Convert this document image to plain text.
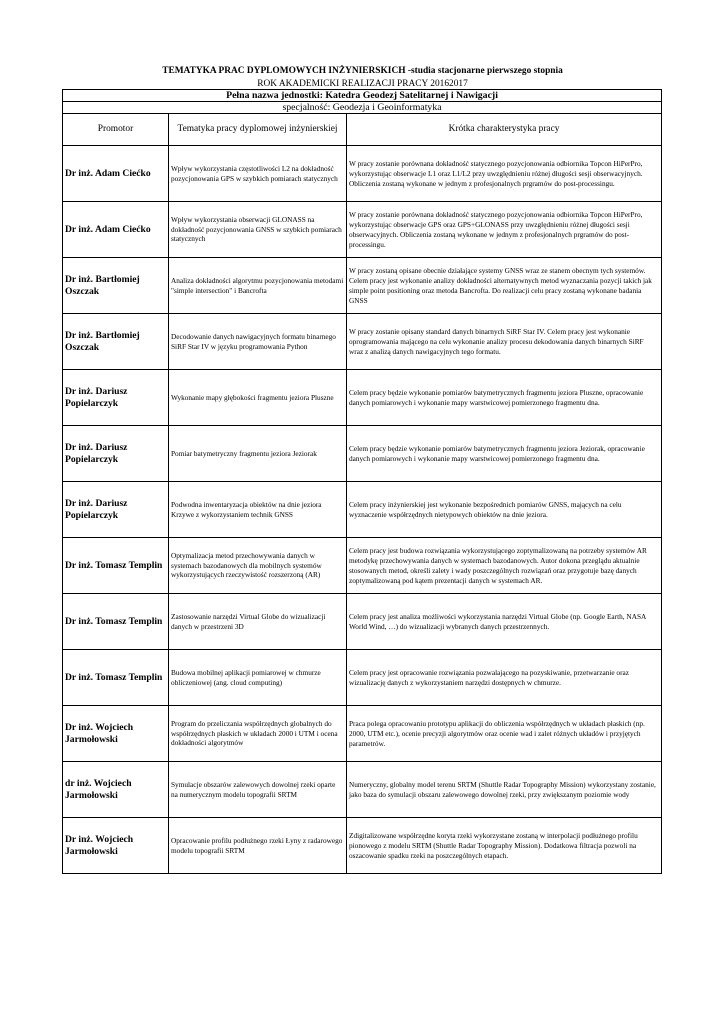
TEMATYKA PRAC DYPLOMOWYCH INŻYNIERSKICH -studia stacjonarne pierwszego stopnia
ROK AKADEMICKI REALIZACJI PRACY 20162017
Pełna nazwa jednostki: Katedra Geodezj Satelitarnej i Nawigacji		
specjalność: Geodezja i Geoinformatyka		
Promotor	Tematyka pracy dyplomowej inżynierskiej	Krótka charakterystyka pracy
Dr inż. Adam Ciećko	Wpływ wykorzystania częstotliwości L2 na dokładność pozycjonowania GPS w szybkich pomiarach statycznych	W pracy zostanie porównana dokładność statycznego pozycjonowania odbiornika Topcon HiPerPro, wykorzystując obserwacje L1 oraz L1/L2 przy uwzględnieniu różnej długości sesji obserwacyjnych. Obliczenia zostaną wykonane w jednym z profesjonalnych prgramów do post-processingu.
Dr inż. Adam Ciećko	Wpływ wykorzystania obserwacji GLONASS na dokładność pozycjonowania GNSS w szybkich pomiarach statycznych	W pracy zostanie porównana dokładność statycznego pozycjonowania odbiornika Topcon HiPerPro, wykorzystując obserwacje GPS oraz GPS+GLONASS przy uwzględnieniu różnej długości sesji obserwacyjnych. Obliczenia zostaną wykonane w jednym z profesjonalnych prgramów do post-processingu.
Dr inż. Bartłomiej Oszczak	Analiza dokładności algorytmu pozycjonowania metodami "simple intersection" i Bancrofta	W pracy zostaną opisane obecnie działające systemy GNSS wraz ze stanem obecnym tych systemów. Celem pracy jest wykonanie analizy dokładności alternatywnych metod wyznaczania pozycji takich jak simple point positioning oraz metoda Bancrofta. Do realizacji celu pracy zostaną wykonane badania GNSS
Dr inż. Bartłomiej Oszczak	Decodowanie danych nawigacyjnych formatu binarnego SiRF Star IV w języku programowania Python	W pracy zostanie opisany standard danych binarnych SiRF Star IV. Celem pracy jest wykonanie oprogramowania mającego na celu wykonanie analizy procesu dekodowania danych binarnych SiRF wraz z analizą danych nawigacyjnych tego formatu.
Dr inż. Dariusz Popielarczyk	Wykonanie mapy głębokości fragmentu jeziora Pluszne	Celem pracy będzie wykonanie pomiarów batymetrycznych fragmentu jeziora Pluszne, opracowanie danych pomiarowych i wykonanie mapy warstwicowej pomierzonego fragmentu dna.
Dr inż. Dariusz Popielarczyk	Pomiar batymetryczny fragmentu jeziora Jeziorak	Celem pracy będzie wykonanie pomiarów batymetrycznych fragmentu jeziora Jeziorak, opracowanie danych pomiarowych i wykonanie mapy warstwicowej pomierzonego fragmentu dna.
Dr inż. Dariusz Popielarczyk	Podwodna inwentaryzacja obiektów na dnie jeziora Krzywe z wykorzystaniem technik GNSS	Celem pracy inżynierskiej jest wykonanie bezpośrednich pomiarów GNSS, mających na celu wyznaczenie współrzędnych nietypowych obiektów na dnie jeziora.
Dr inż. Tomasz Templin	Optymalizacja metod przechowywania danych w systemach bazodanowych dla mobilnych systemów wykorzystujących rzeczywistość rozszerzoną (AR)	Celem pracy jest budowa rozwiązania wykorzystującego zoptymalizowaną na potrzeby systemów AR metodykę przechowywania danych w systemach bazodanowych. Autor dokona przeglądu aktualnie stosowanych metod, określi zalety i wady poszczególnych rozwiązań oraz przygotuje bazę danych zoptymalizowaną pod kątem prezentacji danych w systemach AR.
Dr inż. Tomasz Templin	Zastosowanie narzędzi Virtual Globe do wizualizacji danych w przestrzeni 3D	Celem pracy jest analiza możliwości wykorzystania narzędzi Virtual Globe (np. Google Earth, NASA World Wind, …) do wizualizacji wybranych danych przestrzennych.
Dr inż. Tomasz Templin	Budowa mobilnej aplikacji pomiarowej w chmurze obliczeniowej (ang. cloud computing)	Celem pracy jest opracowanie rozwiązania pozwalającego na pozyskiwanie, przetwarzanie oraz wizualizację danych z wykorzystaniem narzędzi dostępnych w chmurze.
Dr inż. Wojciech Jarmołowski	Program do przeliczania współrzędnych globalnych do współrzędnych płaskich w układach 2000 i UTM i ocena dokładności algorytmów	Praca polega opracowaniu prototypu aplikacji do obliczenia współrzędnych w układach płaskich (np. 2000, UTM etc.), ocenie precyzji algorytmów oraz ocenie wad i zalet różnych układów i przyjętych parametrów.
dr inż. Wojciech Jarmołowski	Symulacje obszarów zalewowych dowolnej rzeki oparte na numerycznym modelu topografii SRTM	Numeryczny, globalny model terenu SRTM (Shuttle Radar Topography Mission) wykorzystany zostanie, jako baza do symulacji obszaru zalewowego dowolnej rzeki, przy zwiększanym poziomie wody
Dr inż. Wojciech Jarmołowski	Opracowanie profilu podłużnego rzeki Łyny z radarowego modelu topografii SRTM	Zdigitalizowane współrzędne koryta rzeki wykorzystane zostaną w interpolacji podłużnego profilu pionowego z modelu SRTM (Shuttle Radar Topography Mission). Dodatkowa filtracja pozwoli na oszacowanie spadku rzeki na poszczególnych etapach.
